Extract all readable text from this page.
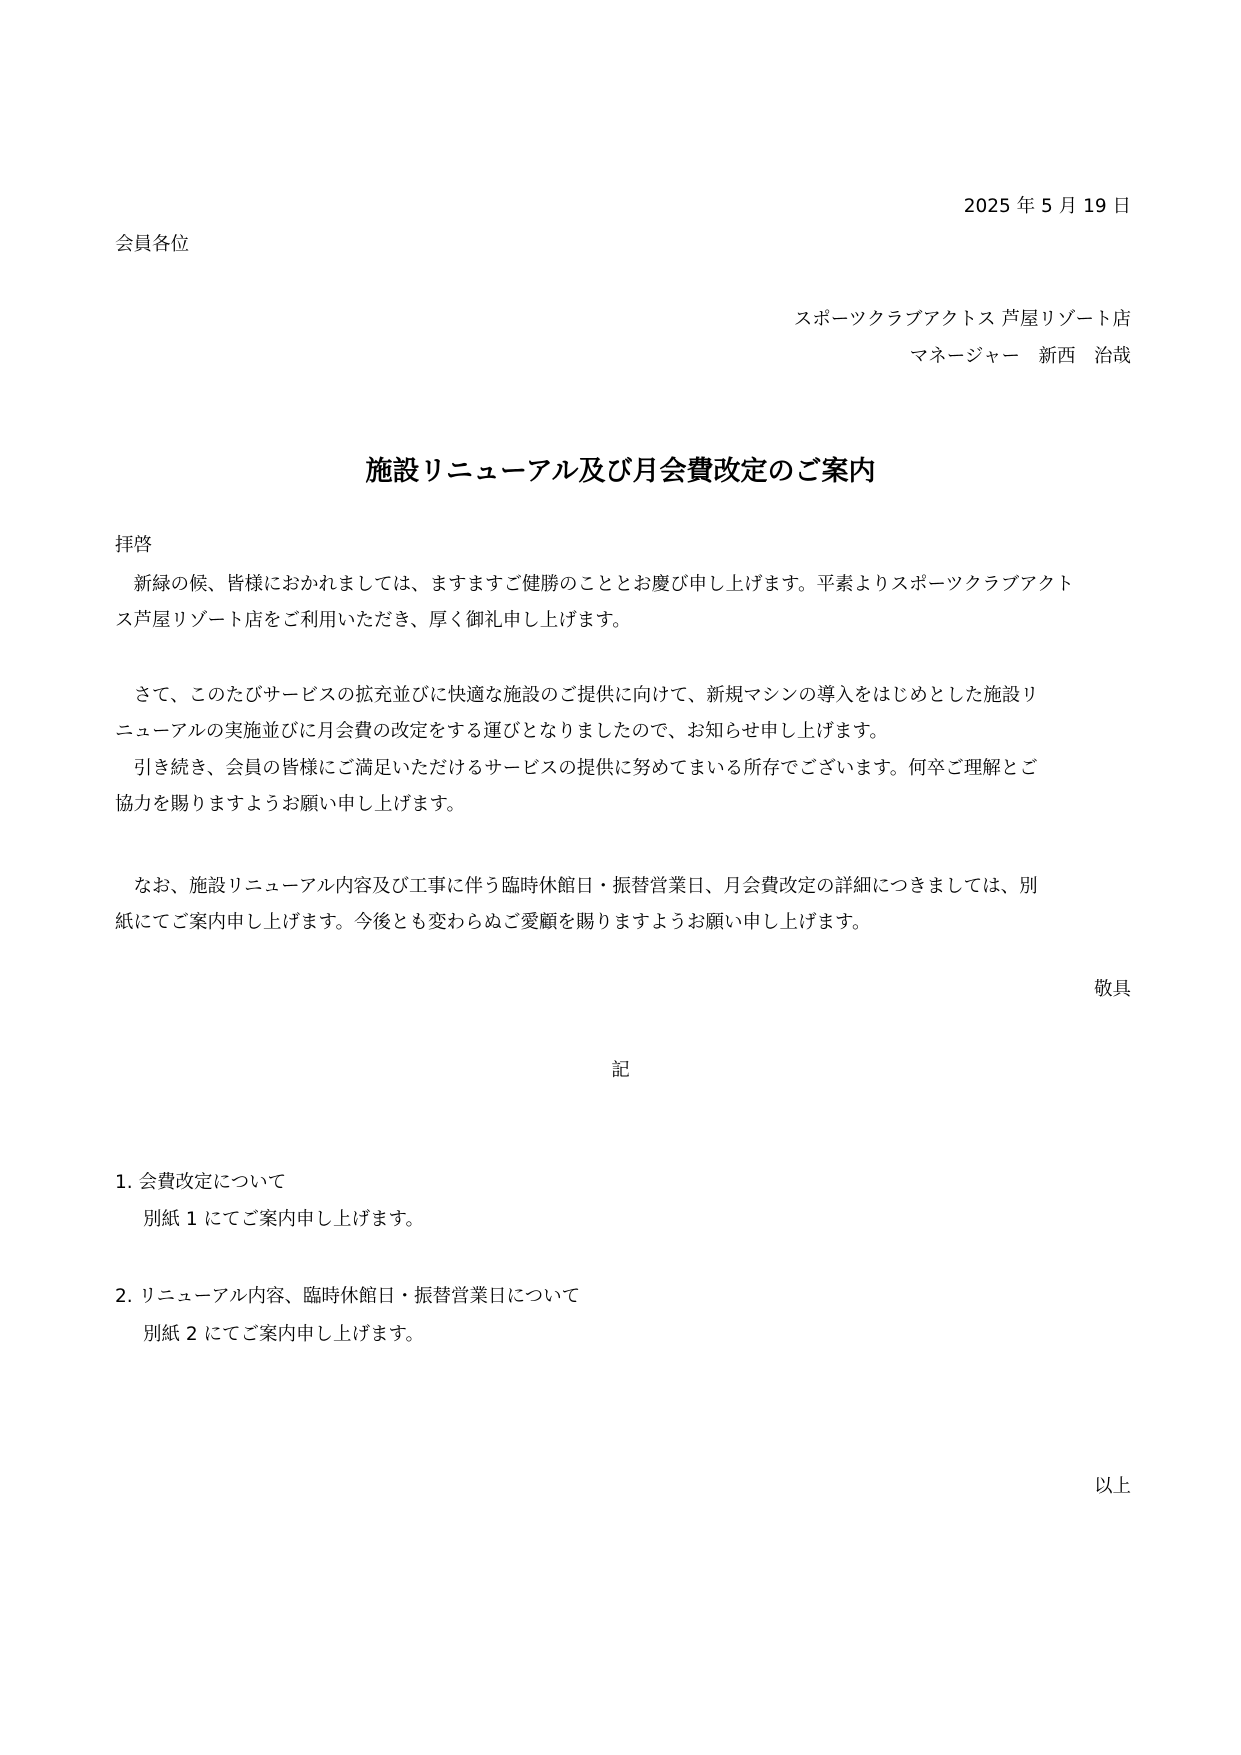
2025 年 5 月 19 日

会員各位

スポーツクラブアクトス 芦屋リゾート店

マネージャー　新西　治哉

施設リニューアル及び月会費改定のご案内

拝啓

　新緑の候、皆様におかれましては、ますますご健勝のこととお慶び申し上げます。平素よりスポーツクラブアクト

ス芦屋リゾート店をご利用いただき、厚く御礼申し上げます。

　さて、このたびサービスの拡充並びに快適な施設のご提供に向けて、新規マシンの導入をはじめとした施設リ

ニューアルの実施並びに月会費の改定をする運びとなりましたので、お知らせ申し上げます。

　引き続き、会員の皆様にご満足いただけるサービスの提供に努めてまいる所存でございます。何卒ご理解とご

協力を賜りますようお願い申し上げます。

　なお、施設リニューアル内容及び工事に伴う臨時休館日・振替営業日、月会費改定の詳細につきましては、別

紙にてご案内申し上げます。今後とも変わらぬご愛顧を賜りますようお願い申し上げます。

敬具

記

1. 会費改定について

別紙 1 にてご案内申し上げます。

2. リニューアル内容、臨時休館日・振替営業日について

別紙 2 にてご案内申し上げます。

以上
